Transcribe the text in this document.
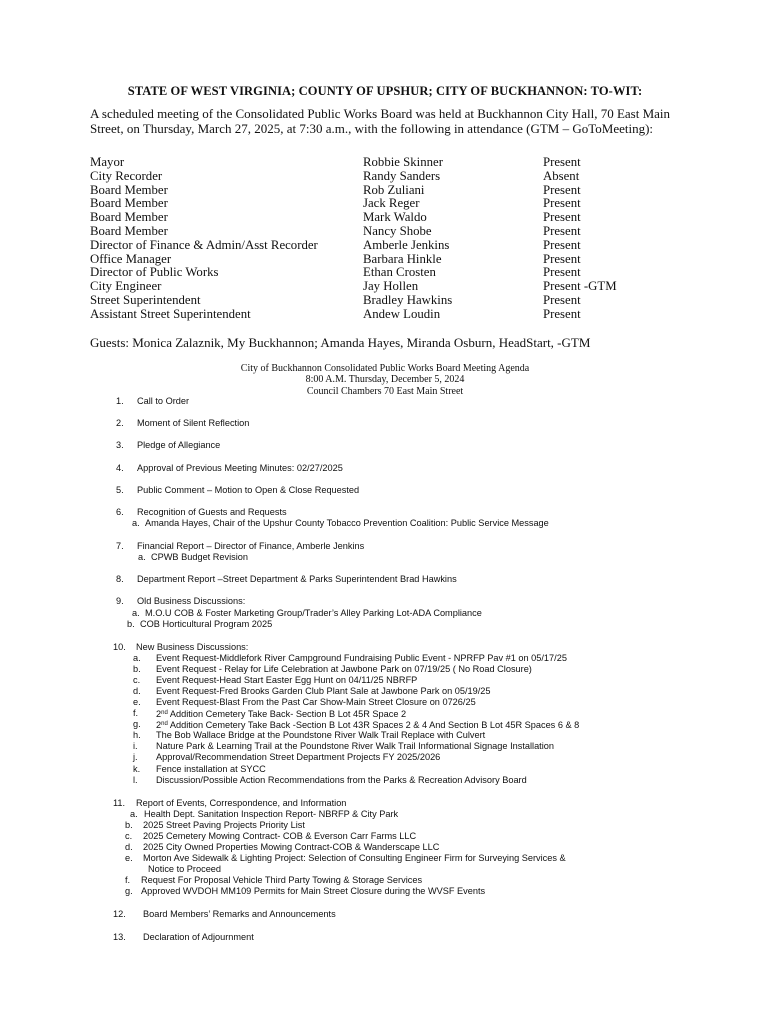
STATE OF WEST VIRGINIA; COUNTY OF UPSHUR; CITY OF BUCKHANNON: TO-WIT:
A scheduled meeting of the Consolidated Public Works Board was held at Buckhannon City Hall, 70 East Main Street, on Thursday, March 27, 2025, at 7:30 a.m., with the following in attendance (GTM – GoToMeeting):
Mayor	Robbie Skinner	Present
City Recorder	Randy Sanders	Absent
Board Member	Rob Zuliani	Present
Board Member	Jack Reger	Present
Board Member	Mark Waldo	Present
Board Member	Nancy Shobe	Present
Director of Finance & Admin/Asst Recorder	Amberle Jenkins	Present
Office Manager	Barbara Hinkle	Present
Director of Public Works	Ethan Crosten	Present
City Engineer	Jay Hollen	Present -GTM
Street Superintendent	Bradley Hawkins	Present
Assistant Street Superintendent	Andew Loudin	Present
Guests: Monica Zalaznik, My Buckhannon; Amanda Hayes, Miranda Osburn, HeadStart, -GTM
City of Buckhannon Consolidated Public Works Board Meeting Agenda
8:00 A.M. Thursday, December 5, 2024
Council Chambers 70 East Main Street
1. Call to Order
2. Moment of Silent Reflection
3. Pledge of Allegiance
4. Approval of Previous Meeting Minutes: 02/27/2025
5. Public Comment – Motion to Open & Close Requested
6. Recognition of Guests and Requests
a. Amanda Hayes, Chair of the Upshur County Tobacco Prevention Coalition: Public Service Message
7. Financial Report – Director of Finance, Amberle Jenkins
a. CPWB Budget Revision
8. Department Report –Street Department & Parks Superintendent Brad Hawkins
9. Old Business Discussions:
a. M.O.U COB & Foster Marketing Group/Trader’s Alley Parking Lot-ADA Compliance
b. COB Horticultural Program 2025
10. New Business Discussions:
a. Event Request-Middlefork River Campground Fundraising Public Event - NPRFP Pav #1 on 05/17/25
b. Event Request - Relay for Life Celebration at Jawbone Park on 07/19/25 ( No Road Closure)
c. Event Request-Head Start Easter Egg Hunt on 04/11/25 NBRFP
d. Event Request-Fred Brooks Garden Club Plant Sale at Jawbone Park on 05/19/25
e. Event Request-Blast From the Past Car Show-Main Street Closure on 0726/25
f. 2nd Addition Cemetery Take Back- Section B Lot 45R Space 2
g. 2nd Addition Cemetery Take Back -Section B Lot 43R Spaces 2 & 4 And Section B Lot 45R Spaces 6 & 8
h. The Bob Wallace Bridge at the Poundstone River Walk Trail Replace with Culvert
i. Nature Park & Learning Trail at the Poundstone River Walk Trail Informational Signage Installation
j. Approval/Recommendation Street Department Projects FY 2025/2026
k. Fence installation at SYCC
l. Discussion/Possible Action Recommendations from the Parks & Recreation Advisory Board
11. Report of Events, Correspondence, and Information
a. Health Dept. Sanitation Inspection Report- NBRFP & City Park
b. 2025 Street Paving Projects Priority List
c. 2025 Cemetery Mowing Contract- COB & Everson Carr Farms LLC
d. 2025 City Owned Properties Mowing Contract-COB & Wanderscape LLC
e. Morton Ave Sidewalk & Lighting Project: Selection of Consulting Engineer Firm for Surveying Services &
Notice to Proceed
f. Request For Proposal Vehicle Third Party Towing & Storage Services
g. Approved WVDOH MM109 Permits for Main Street Closure during the WVSF Events
12. Board Members’ Remarks and Announcements
13. Declaration of Adjournment
